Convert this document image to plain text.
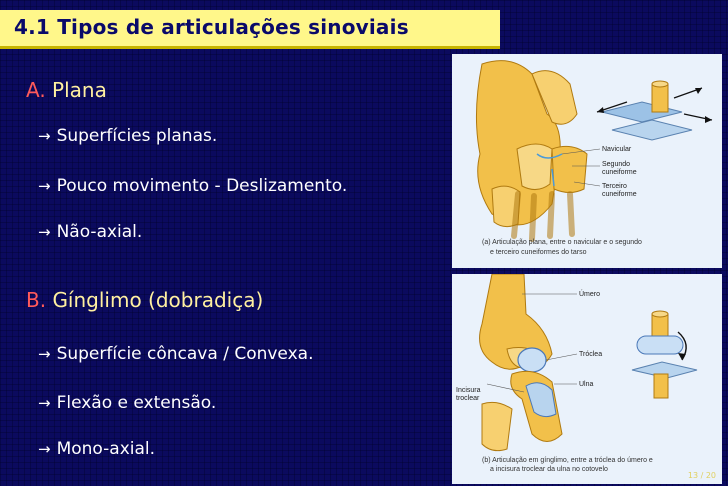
4.1 Tipos de articulações sinoviais
A. Plana
→ Superfícies planas.
→ Pouco movimento - Deslizamento.
→ Não-axial.
B. Gínglimo (dobradiça)
→ Superfície côncava / Convexa.
→ Flexão e extensão.
→ Mono-axial.
Navicular
Segundo
cuneiforme
Terceiro
cuneiforme
(a) Articulação plana, entre o navicular e o segundo
e terceiro cuneiformes do tarso
Úmero
Tróclea
Ulna
Incisura
troclear
(b) Articulação em gínglimo, entre a tróclea do úmero e
a incisura troclear da ulna no cotovelo
13 / 20
